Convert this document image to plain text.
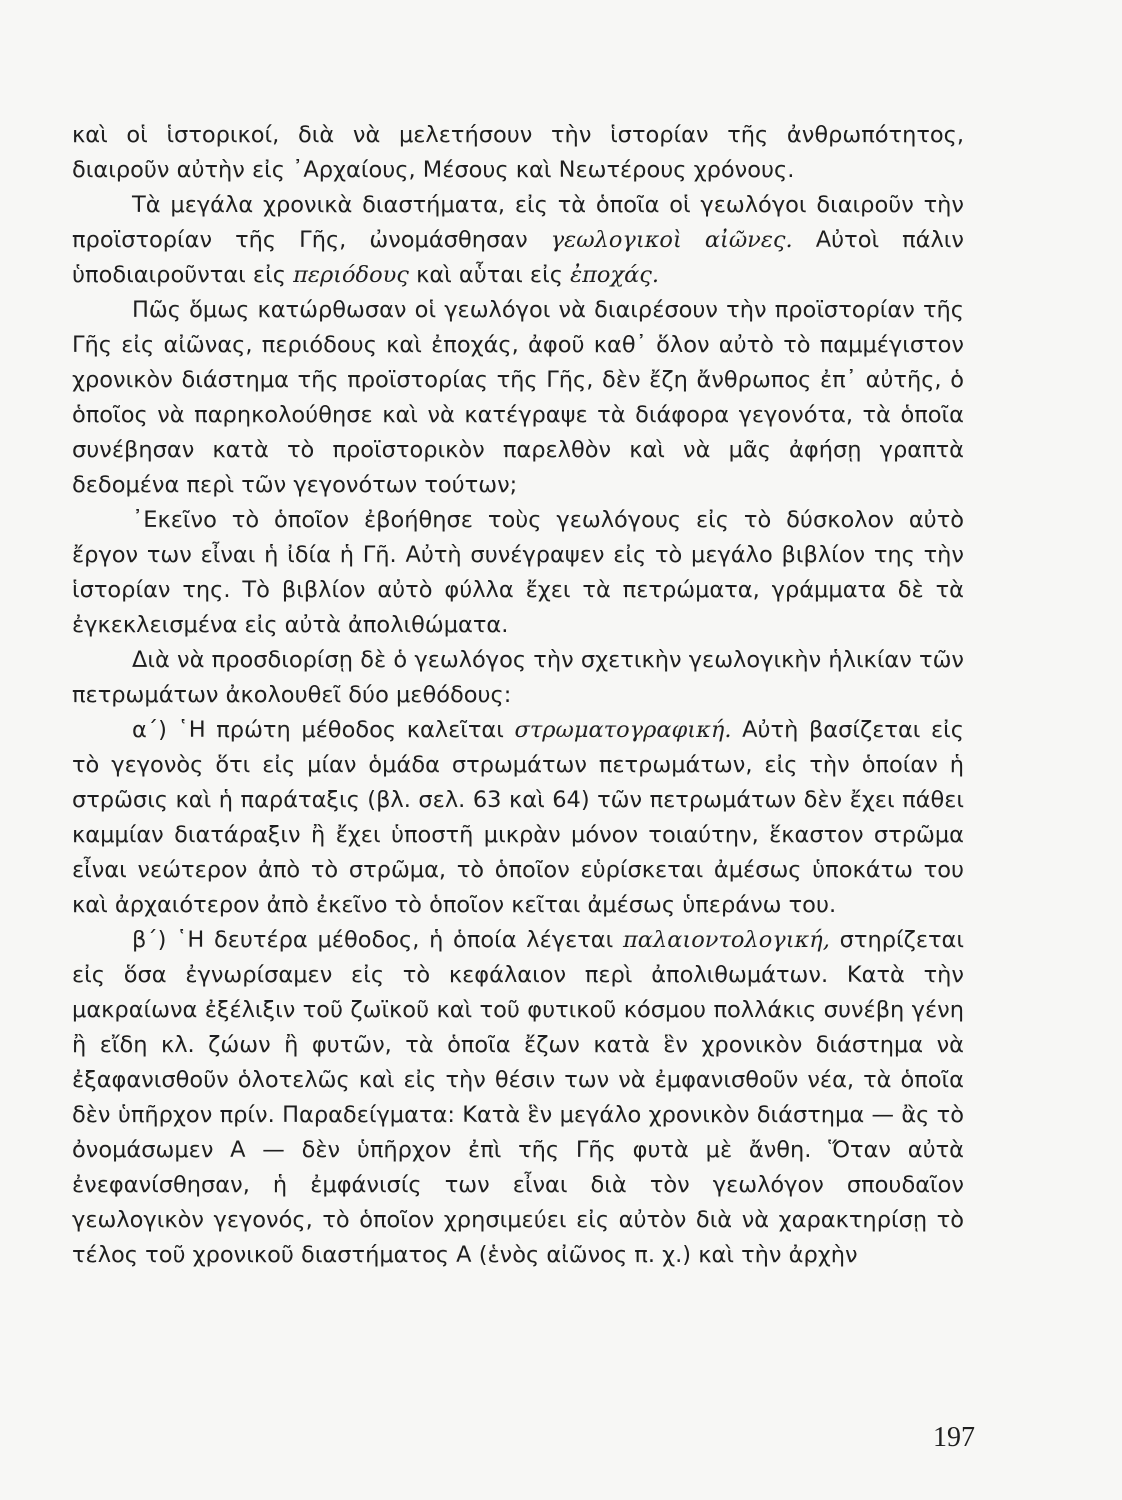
καὶ οἱ ἱστορικοί, διὰ νὰ μελετήσουν τὴν ἱστορίαν τῆς ἀνθρωπότητος, διαιροῦν αὐτὴν εἰς ᾿Αρχαίους, Μέσους καὶ Νεωτέρους χρόνους.
Τὰ μεγάλα χρονικὰ διαστήματα, εἰς τὰ ὁποῖα οἱ γεωλόγοι διαιροῦν τὴν προϊστορίαν τῆς Γῆς, ὠνομάσθησαν γεωλογικοὶ αἰῶνες. Αὐτοὶ πάλιν ὑποδιαιροῦνται εἰς περιόδους καὶ αὗται εἰς ἐποχάς.
Πῶς ὅμως κατώρθωσαν οἱ γεωλόγοι νὰ διαιρέσουν τὴν προϊστορίαν τῆς Γῆς εἰς αἰῶνας, περιόδους καὶ ἐποχάς, ἀφοῦ καθ᾿ ὅλον αὐτὸ τὸ παμμέγιστον χρονικὸν διάστημα τῆς προϊστορίας τῆς Γῆς, δὲν ἔζη ἄνθρωπος ἐπ᾿ αὐτῆς, ὁ ὁποῖος νὰ παρηκολούθησε καὶ νὰ κατέγραψε τὰ διάφορα γεγονότα, τὰ ὁποῖα συνέβησαν κατὰ τὸ προϊστορικὸν παρελθὸν καὶ νὰ μᾶς ἀφήσῃ γραπτὰ δεδομένα περὶ τῶν γεγονότων τούτων;
᾿Εκεῖνο τὸ ὁποῖον ἐβοήθησε τοὺς γεωλόγους εἰς τὸ δύσκολον αὐτὸ ἔργον των εἶναι ἡ ἰδία ἡ Γῆ. Αὐτὴ συνέγραψεν εἰς τὸ μεγάλο βιβλίον της τὴν ἱστορίαν της. Τὸ βιβλίον αὐτὸ φύλλα ἔχει τὰ πετρώματα, γράμματα δὲ τὰ ἐγκεκλεισμένα εἰς αὐτὰ ἀπολιθώματα.
Διὰ νὰ προσδιορίσῃ δὲ ὁ γεωλόγος τὴν σχετικὴν γεωλογικὴν ἡλικίαν τῶν πετρωμάτων ἀκολουθεῖ δύο μεθόδους:
α΄) ῾Η πρώτη μέθοδος καλεῖται στρωματογραφική. Αὐτὴ βασίζεται εἰς τὸ γεγονὸς ὅτι εἰς μίαν ὁμάδα στρωμάτων πετρωμάτων, εἰς τὴν ὁποίαν ἡ στρῶσις καὶ ἡ παράταξις (βλ. σελ. 63 καὶ 64) τῶν πετρωμάτων δὲν ἔχει πάθει καμμίαν διατάραξιν ἢ ἔχει ὑποστῆ μικρὰν μόνον τοιαύτην, ἕκαστον στρῶμα εἶναι νεώτερον ἀπὸ τὸ στρῶμα, τὸ ὁποῖον εὑρίσκεται ἀμέσως ὑποκάτω του καὶ ἀρχαιότερον ἀπὸ ἐκεῖνο τὸ ὁποῖον κεῖται ἀμέσως ὑπεράνω του.
β΄) ῾Η δευτέρα μέθοδος, ἡ ὁποία λέγεται παλαιοντολογική, στηρίζεται εἰς ὅσα ἐγνωρίσαμεν εἰς τὸ κεφάλαιον περὶ ἀπολιθωμάτων. Κατὰ τὴν μακραίωνα ἐξέλιξιν τοῦ ζωϊκοῦ καὶ τοῦ φυτικοῦ κόσμου πολλάκις συνέβη γένη ἢ εἴδη κλ. ζώων ἢ φυτῶν, τὰ ὁποῖα ἔζων κατὰ ἓν χρονικὸν διάστημα νὰ ἐξαφανισθοῦν ὁλοτελῶς καὶ εἰς τὴν θέσιν των νὰ ἐμφανισθοῦν νέα, τὰ ὁποῖα δὲν ὑπῆρχον πρίν. Παραδείγματα: Κατὰ ἓν μεγάλο χρονικὸν διάστημα — ἂς τὸ ὀνομάσωμεν Α — δὲν ὑπῆρχον ἐπὶ τῆς Γῆς φυτὰ μὲ ἄνθη. Ὅταν αὐτὰ ἐνεφανίσθησαν, ἡ ἐμφάνισίς των εἶναι διὰ τὸν γεωλόγον σπουδαῖον γεωλογικὸν γεγονός, τὸ ὁποῖον χρησιμεύει εἰς αὐτὸν διὰ νὰ χαρακτηρίσῃ τὸ τέλος τοῦ χρονικοῦ διαστήματος Α (ἑνὸς αἰῶνος π. χ.) καὶ τὴν ἀρχὴν
197
